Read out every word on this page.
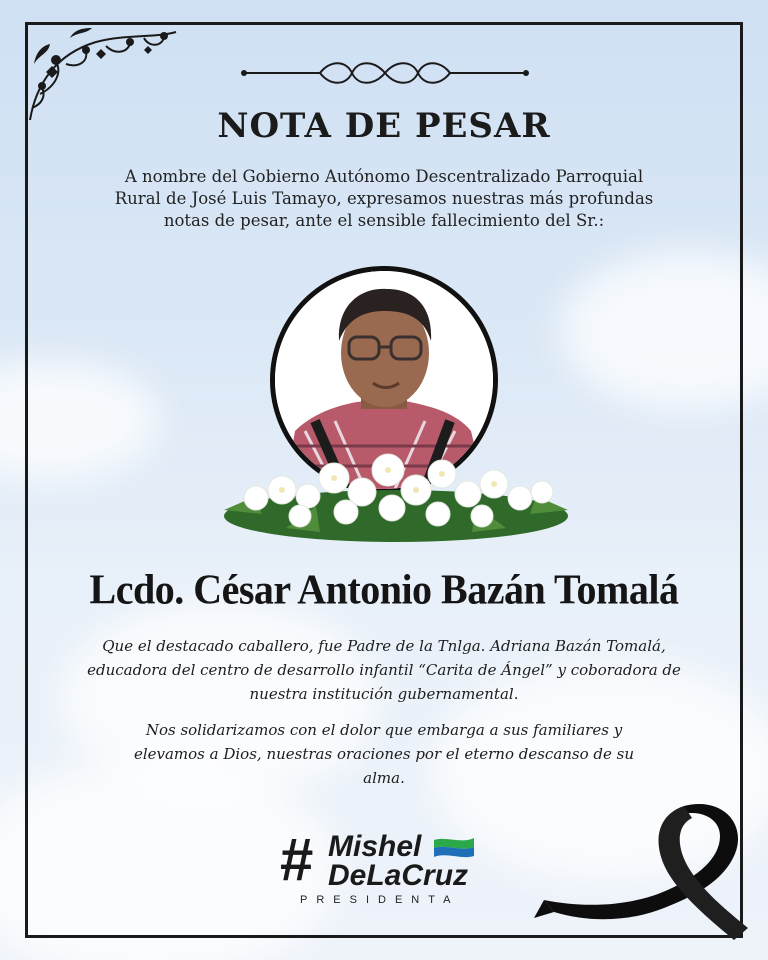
NOTA DE PESAR
A nombre del Gobierno Autónomo Descentralizado Parroquial Rural de José Luis Tamayo, expresamos nuestras más profundas notas de pesar, ante el sensible fallecimiento del Sr.:
Lcdo. César Antonio Bazán Tomalá
Que el destacado caballero, fue Padre de la Tnlga. Adriana Bazán Tomalá, educadora del centro de desarrollo infantil “Carita de Ángel” y coboradora de nuestra institución gubernamental.
Nos solidarizamos con el dolor que embarga a sus familiares y elevamos a Dios, nuestras oraciones por el eterno descanso de su alma.
# Mishel
DeLaCruz
PRESIDENTA
